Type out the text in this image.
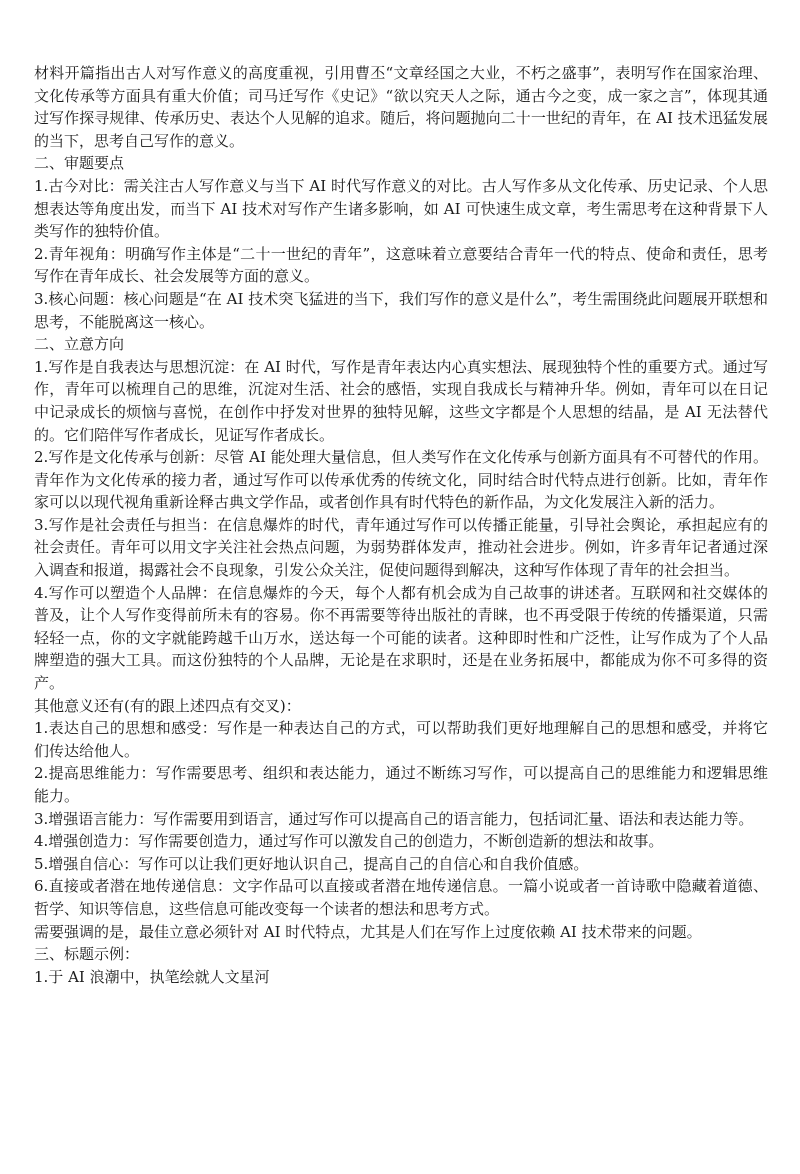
材料开篇指出古人对写作意义的高度重视，引用曹丕“文章经国之大业，不朽之盛事”，表明写作在国家治理、文化传承等方面具有重大价值；司马迁写作《史记》“欲以究天人之际，通古今之变，成一家之言”，体现其通过写作探寻规律、传承历史、表达个人见解的追求。随后，将问题抛向二十一世纪的青年，在 AI 技术迅猛发展的当下，思考自己写作的意义。

二、审题要点

1.古今对比：需关注古人写作意义与当下 AI 时代写作意义的对比。古人写作多从文化传承、历史记录、个人思想表达等角度出发，而当下 AI 技术对写作产生诸多影响，如 AI 可快速生成文章，考生需思考在这种背景下人类写作的独特价值。

2.青年视角：明确写作主体是“二十一世纪的青年”，这意味着立意要结合青年一代的特点、使命和责任，思考写作在青年成长、社会发展等方面的意义。

3.核心问题：核心问题是“在 AI 技术突飞猛进的当下，我们写作的意义是什么”，考生需围绕此问题展开联想和思考，不能脱离这一核心。

二、立意方向

1.写作是自我表达与思想沉淀：在 AI 时代，写作是青年表达内心真实想法、展现独特个性的重要方式。通过写作，青年可以梳理自己的思维，沉淀对生活、社会的感悟，实现自我成长与精神升华。例如，青年可以在日记中记录成长的烦恼与喜悦，在创作中抒发对世界的独特见解，这些文字都是个人思想的结晶，是 AI 无法替代的。它们陪伴写作者成长，见证写作者成长。

2.写作是文化传承与创新：尽管 AI 能处理大量信息，但人类写作在文化传承与创新方面具有不可替代的作用。青年作为文化传承的接力者，通过写作可以传承优秀的传统文化，同时结合时代特点进行创新。比如，青年作家可以以现代视角重新诠释古典文学作品，或者创作具有时代特色的新作品，为文化发展注入新的活力。

3.写作是社会责任与担当：在信息爆炸的时代，青年通过写作可以传播正能量，引导社会舆论，承担起应有的社会责任。青年可以用文字关注社会热点问题，为弱势群体发声，推动社会进步。例如，许多青年记者通过深入调查和报道，揭露社会不良现象，引发公众关注，促使问题得到解决，这种写作体现了青年的社会担当。

4.写作可以塑造个人品牌：在信息爆炸的今天，每个人都有机会成为自己故事的讲述者。互联网和社交媒体的普及，让个人写作变得前所未有的容易。你不再需要等待出版社的青睐，也不再受限于传统的传播渠道，只需轻轻一点，你的文字就能跨越千山万水，送达每一个可能的读者。这种即时性和广泛性，让写作成为了个人品牌塑造的强大工具。而这份独特的个人品牌，无论是在求职时，还是在业务拓展中，都能成为你不可多得的资产。

其他意义还有(有的跟上述四点有交叉)：

1.表达自己的思想和感受：写作是一种表达自己的方式，可以帮助我们更好地理解自己的思想和感受，并将它们传达给他人。

2.提高思维能力：写作需要思考、组织和表达能力，通过不断练习写作，可以提高自己的思维能力和逻辑思维能力。

3.增强语言能力：写作需要用到语言，通过写作可以提高自己的语言能力，包括词汇量、语法和表达能力等。

4.增强创造力：写作需要创造力，通过写作可以激发自己的创造力，不断创造新的想法和故事。

5.增强自信心：写作可以让我们更好地认识自己，提高自己的自信心和自我价值感。

6.直接或者潜在地传递信息：文字作品可以直接或者潜在地传递信息。一篇小说或者一首诗歌中隐藏着道德、哲学、知识等信息，这些信息可能改变每一个读者的想法和思考方式。

需要强调的是，最佳立意必须针对 AI 时代特点，尤其是人们在写作上过度依赖 AI 技术带来的问题。

三、标题示例：

1.于 AI 浪潮中，执笔绘就人文星河
